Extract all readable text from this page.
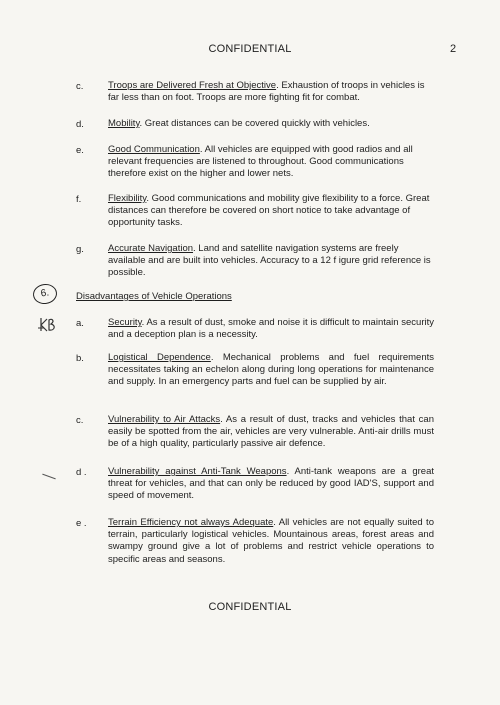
CONFIDENTIAL	2
c.	Troops are Delivered Fresh at Objective. Exhaustion of troops in vehicles is far less than on foot. Troops are more fighting fit for combat.
d.	Mobility. Great distances can be covered quickly with vehicles.
e.	Good Communication. All vehicles are equipped with good radios and all relevant frequencies are listened to throughout. Good communications therefore exist on the higher and lower nets.
f.	Flexibility. Good communications and mobility give flexibility to a force. Great distances can therefore be covered on short notice to take advantage of opportunity tasks.
g.	Accurate Navigation. Land and satellite navigation systems are freely available and are built into vehicles. Accuracy to a 12 f igure grid reference is possible.
6.	Disadvantages of Vehicle Operations
a.	Security. As a result of dust, smoke and noise it is difficult to maintain security and a deception plan is a necessity.
b.	Logistical Dependence. Mechanical problems and fuel requirements necessitates taking an echelon along during long operations for maintenance and supply. In an emergency parts and fuel can be supplied by air.
c.	Vulnerability to Air Attacks. As a result of dust, tracks and vehicles that can easily be spotted from the air, vehicles are very vulnerable. Anti-air drills must be of a high quality, particularly passive air defence.
d . Vulnerability against Anti-Tank Weapons. Anti-tank weapons are a great threat for vehicles, and that can only be reduced by good IAD'S, support and speed of movement.
e . Terrain Efficiency not always Adequate. All vehicles are not equally suited to terrain, particularly logistical vehicles. Mountainous areas, forest areas and swampy ground give a lot of problems and restrict vehicle operations to specific areas and seasons.
CONFIDENTIAL
